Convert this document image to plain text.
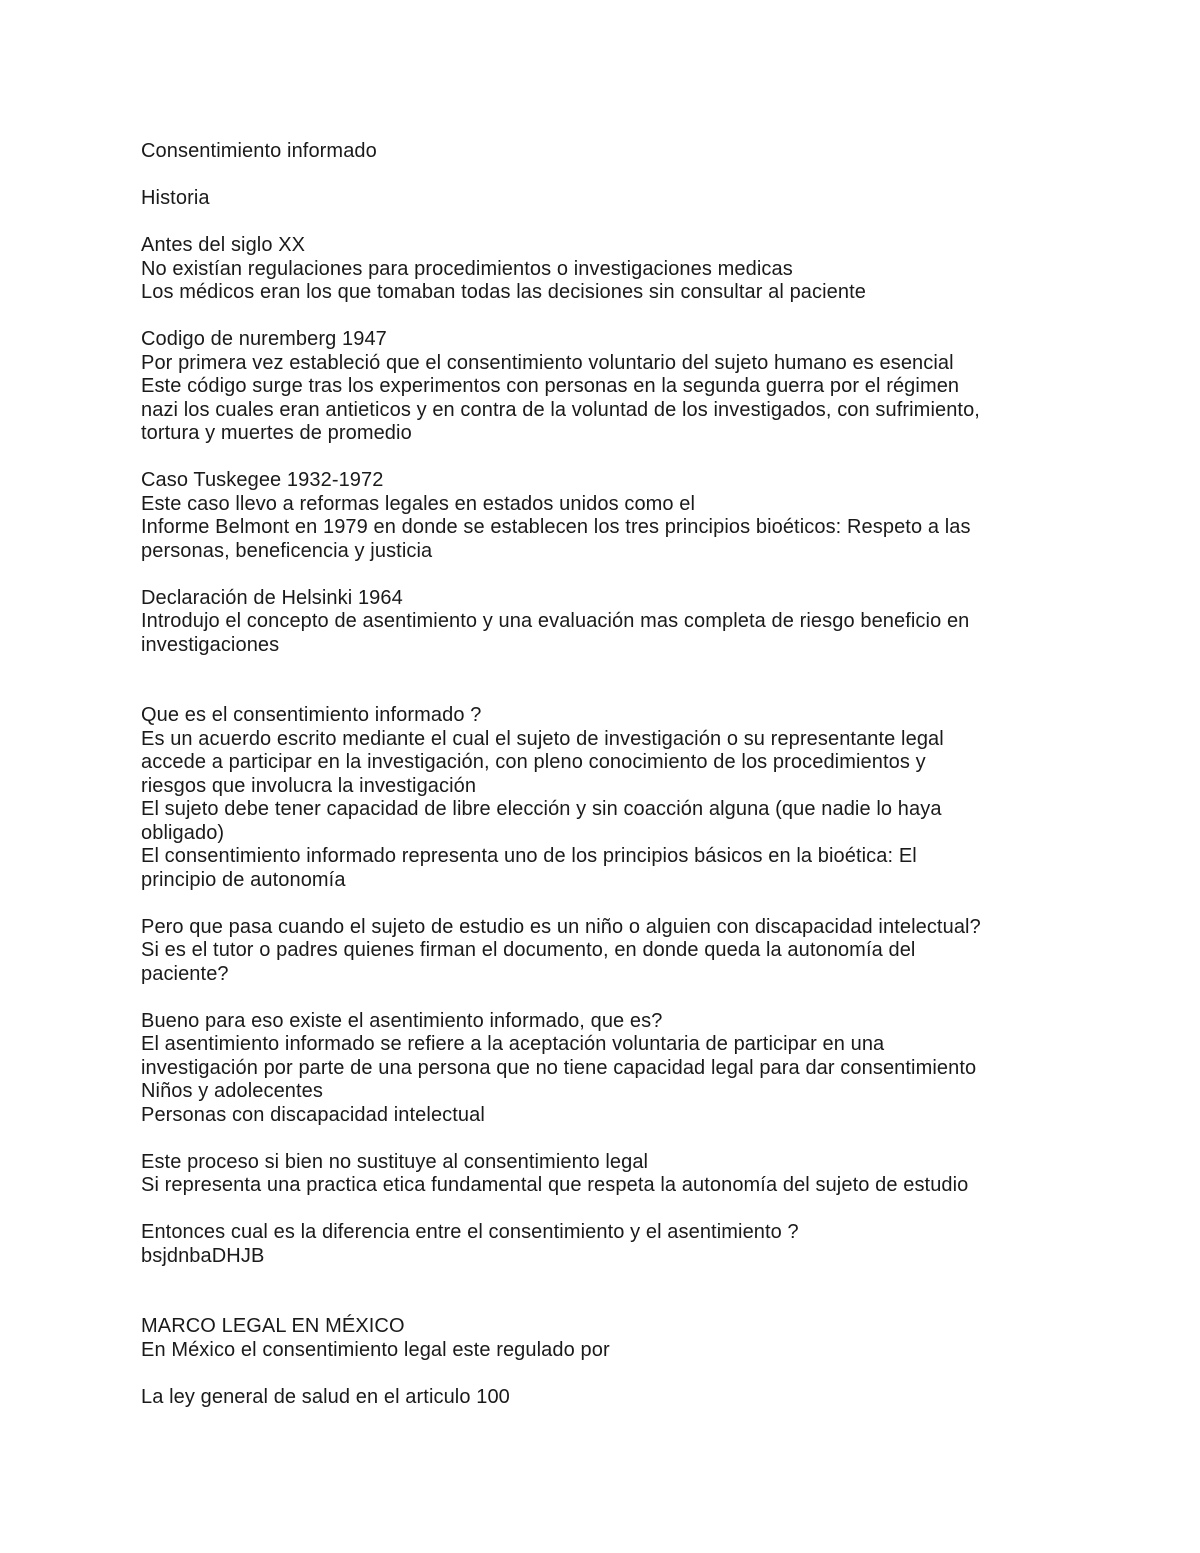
Consentimiento informado
Historia
Antes del siglo XX
No existían regulaciones para procedimientos o investigaciones medicas
Los médicos eran los que tomaban todas las decisiones sin consultar al paciente
Codigo de nuremberg 1947
Por primera vez estableció que el consentimiento voluntario del sujeto humano es esencial
Este código surge tras los experimentos con personas en la segunda guerra por el régimen
nazi los cuales eran antieticos y en contra de la voluntad de los investigados, con sufrimiento,
tortura y muertes de promedio
Caso Tuskegee 1932-1972
Este caso llevo a reformas legales en estados unidos como el
Informe Belmont en 1979 en donde se establecen los tres principios bioéticos: Respeto a las
personas, beneficencia y justicia
Declaración de Helsinki 1964
Introdujo el concepto de asentimiento y una evaluación mas completa de riesgo beneficio en
investigaciones
Que es el consentimiento informado ?
Es un acuerdo escrito mediante el cual el sujeto de investigación o su representante legal
accede a participar en la investigación, con pleno conocimiento de los procedimientos y
riesgos que involucra la investigación
El sujeto debe tener capacidad de libre elección y sin coacción alguna (que nadie lo haya
obligado)
El consentimiento informado representa uno de los principios básicos en la bioética: El
principio de autonomía
Pero que pasa cuando el sujeto de estudio es un niño o alguien con discapacidad intelectual?
Si es el tutor o padres quienes firman el documento, en donde queda la autonomía del
paciente?
Bueno para eso existe el asentimiento informado, que es?
El asentimiento informado se refiere a la aceptación voluntaria de participar en una
investigación por parte de una persona que no tiene capacidad legal para dar consentimiento
Niños y adolecentes
Personas con discapacidad intelectual
Este proceso si bien no sustituye al consentimiento legal
Si representa una practica etica fundamental que respeta la autonomía del sujeto de estudio
Entonces cual es la diferencia entre el consentimiento y el asentimiento ?
bsjdnbaDHJB
MARCO LEGAL EN MÉXICO
En México el consentimiento legal este regulado por
La ley general de salud en el articulo 100
